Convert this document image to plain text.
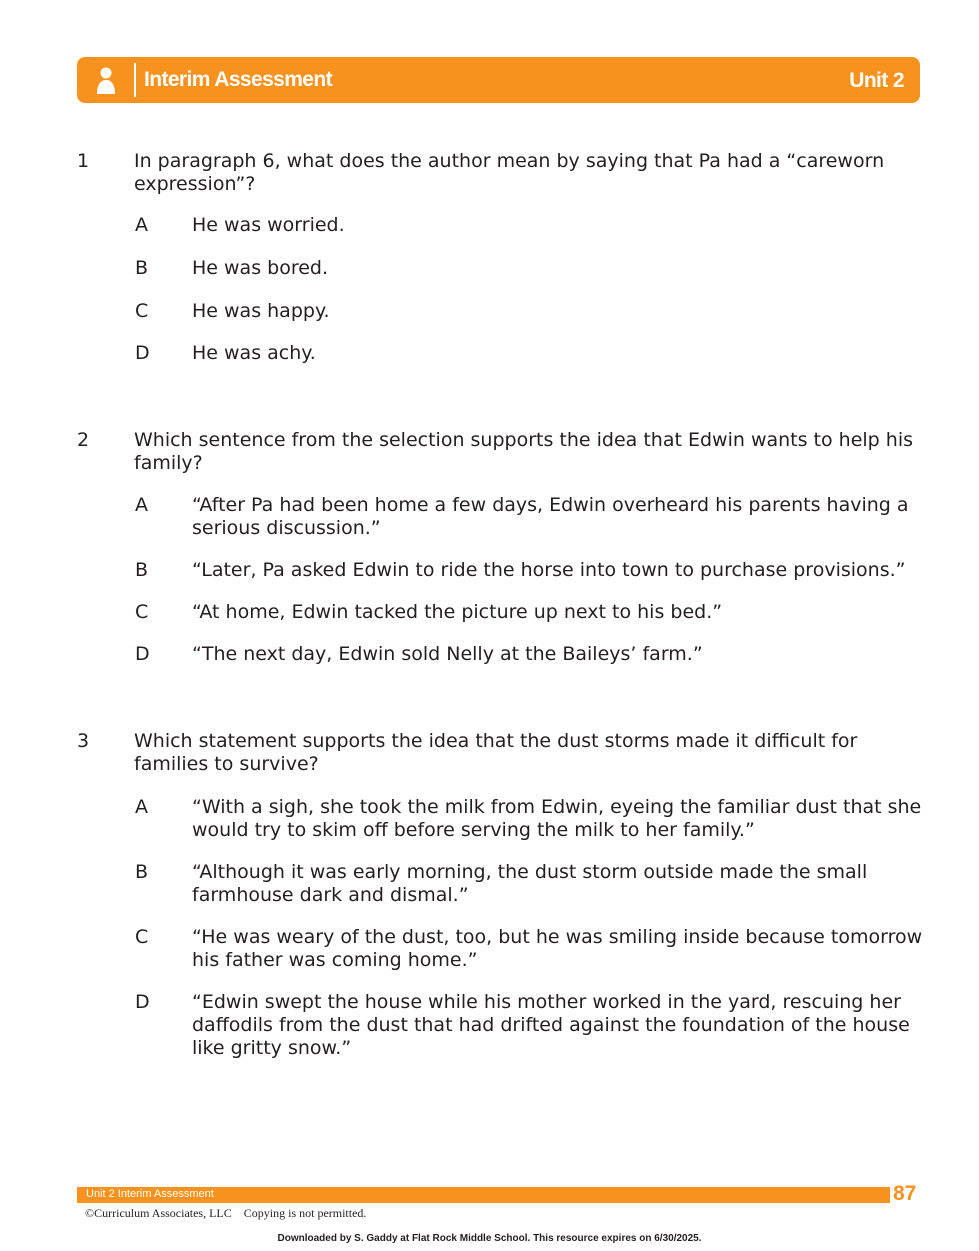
Interim Assessment	Unit 2
1 In paragraph 6, what does the author mean by saying that Pa had a “careworn expression”?
A He was worried.
B He was bored.
C He was happy.
D He was achy.
2 Which sentence from the selection supports the idea that Edwin wants to help his family?
A “After Pa had been home a few days, Edwin overheard his parents having a serious discussion.”
B “Later, Pa asked Edwin to ride the horse into town to purchase provisions.”
C “At home, Edwin tacked the picture up next to his bed.”
D “The next day, Edwin sold Nelly at the Baileys’ farm.”
3 Which statement supports the idea that the dust storms made it difficult for families to survive?
A “With a sigh, she took the milk from Edwin, eyeing the familiar dust that she would try to skim off before serving the milk to her family.”
B “Although it was early morning, the dust storm outside made the small farmhouse dark and dismal.”
C “He was weary of the dust, too, but he was smiling inside because tomorrow his father was coming home.”
D “Edwin swept the house while his mother worked in the yard, rescuing her daffodils from the dust that had drifted against the foundation of the house like gritty snow.”
Unit 2 Interim Assessment	87
©Curriculum Associates, LLC Copying is not permitted.
Downloaded by S. Gaddy at Flat Rock Middle School. This resource expires on 6/30/2025.
